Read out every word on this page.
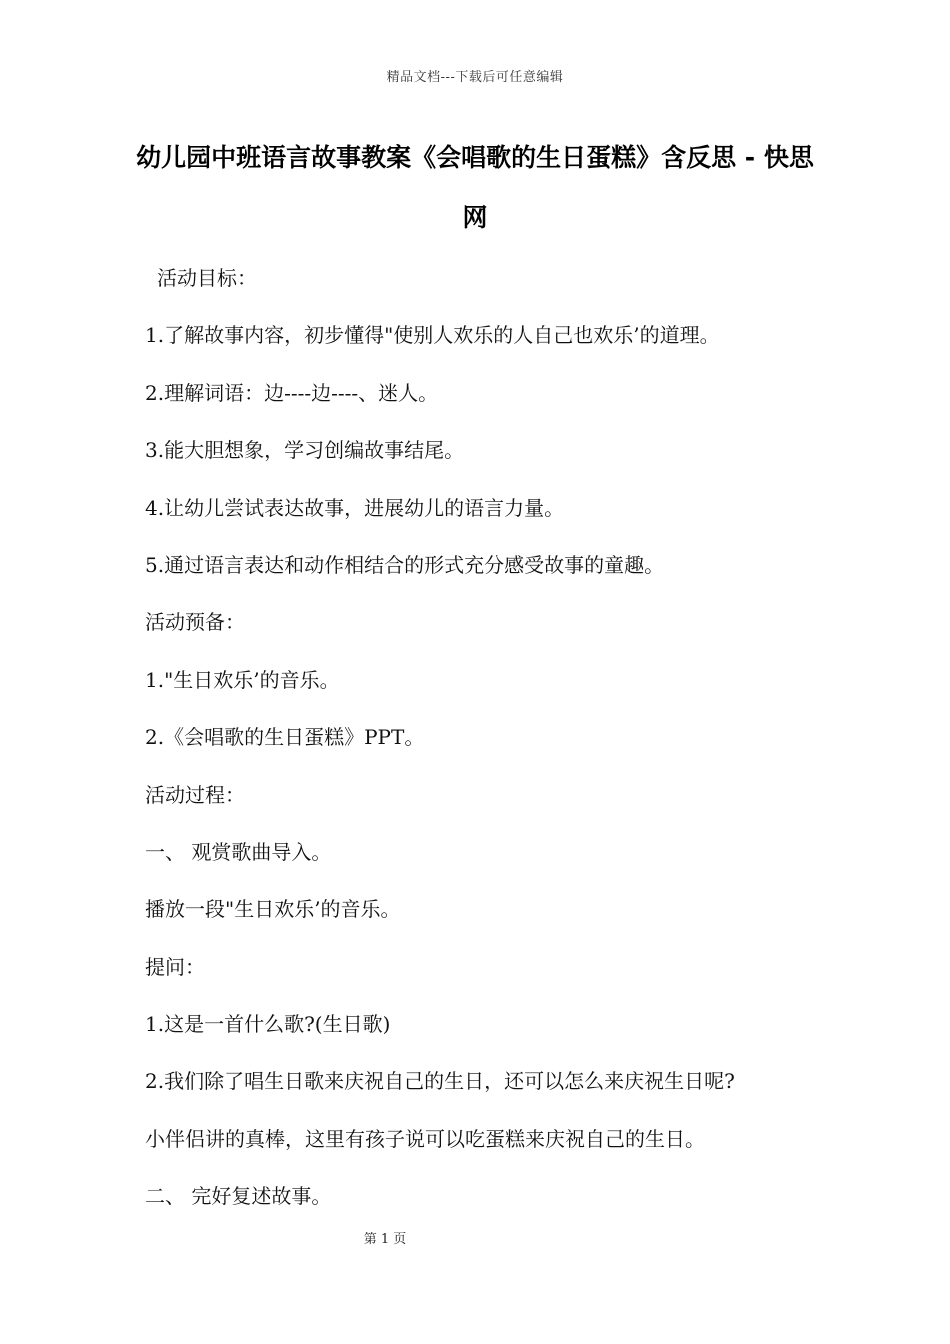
精品文档---下载后可任意编辑
幼儿园中班语言故事教案《会唱歌的生日蛋糕》含反思 - 快思网
活动目标：
1.了解故事内容，初步懂得"使别人欢乐的人自己也欢乐’的道理。
2.理解词语：边----边----、迷人。
3.能大胆想象，学习创编故事结尾。
4.让幼儿尝试表达故事，进展幼儿的语言力量。
5.通过语言表达和动作相结合的形式充分感受故事的童趣。
活动预备：
1."生日欢乐’的音乐。
2.《会唱歌的生日蛋糕》PPT。
活动过程：
一、 观赏歌曲导入。
播放一段"生日欢乐’的音乐。
提问：
1.这是一首什么歌?(生日歌)
2.我们除了唱生日歌来庆祝自己的生日，还可以怎么来庆祝生日呢?
小伴侣讲的真棒，这里有孩子说可以吃蛋糕来庆祝自己的生日。
二、 完好复述故事。
第 1 页
